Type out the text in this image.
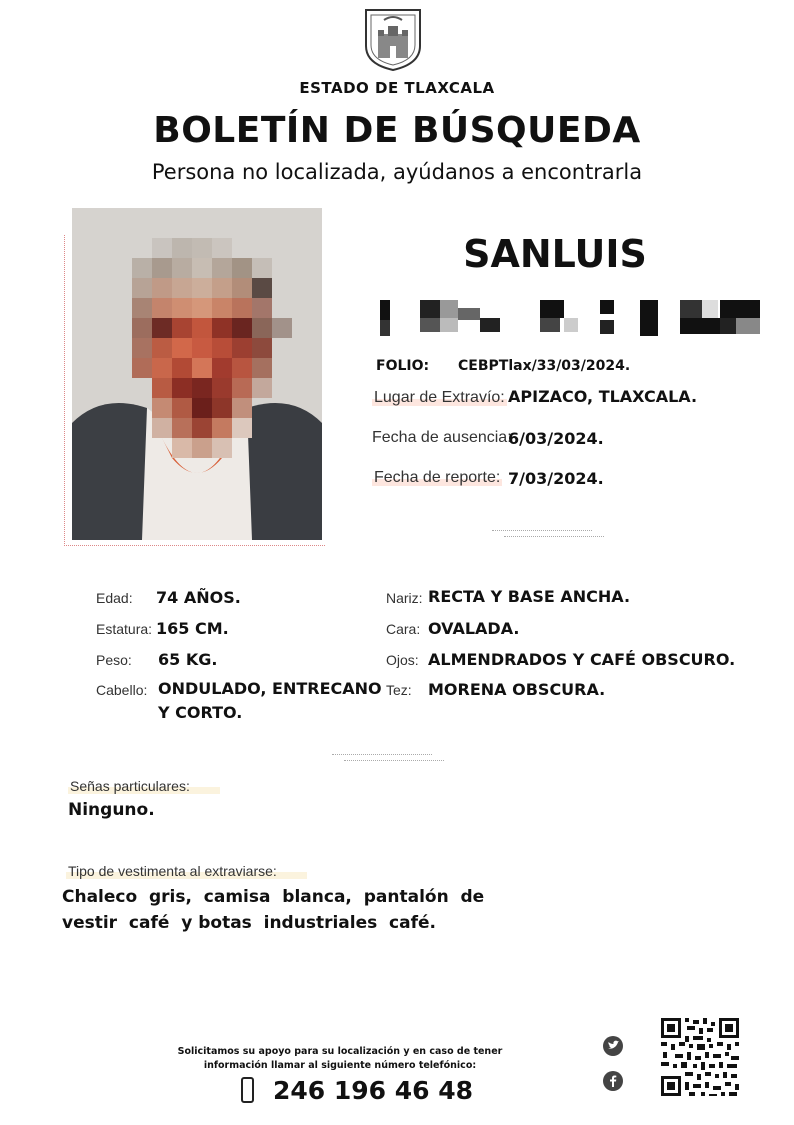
ESTADO DE TLAXCALA
BOLETÍN DE BÚSQUEDA
Persona no localizada, ayúdanos a encontrarla
SANLUIS
FOLIO: CEBPTlax/33/03/2024.
Lugar de Extravío: APIZACO, TLAXCALA.
Fecha de ausencia:
6/03/2024.
Fecha de reporte: 7/03/2024.
Edad: 74 AÑOS.
Estatura: 165 CM.
Peso: 65 KG.
Cabello: ONDULADO, ENTRECANO
Y CORTO.
Nariz: RECTA Y BASE ANCHA.
Cara: OVALADA.
Ojos: ALMENDRADOS Y CAFÉ OBSCURO.
Tez: MORENA OBSCURA.
Señas particulares:
Ninguno.
Tipo de vestimenta al extraviarse:
Chaleco  gris,  camisa  blanca,  pantalón  de
vestir  café  y botas  industriales  café.
Solicitamos su apoyo para su localización y en caso de tener
información llamar al siguiente número telefónico:
246 196 46 48
